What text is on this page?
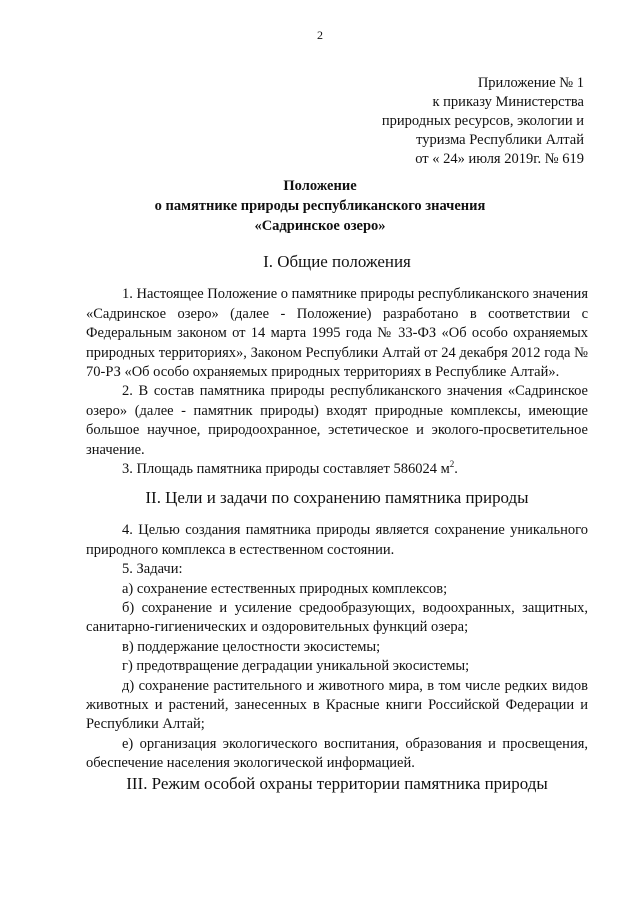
2
Приложение № 1
к приказу Министерства
природных ресурсов, экологии и
туризма Республики Алтай
от « 24» июля 2019г. № 619
Положение
о памятнике природы республиканского значения
«Садринское озеро»
I. Общие положения

1. Настоящее Положение о памятнике природы республиканского значения «Садринское озеро» (далее - Положение) разработано в соответствии с Федеральным законом от 14 марта 1995 года № 33-ФЗ «Об особо охраняемых природных территориях», Законом Республики Алтай от 24 декабря 2012 года № 70-РЗ «Об особо охраняемых природных территориях в Республике Алтай».

2. В состав памятника природы республиканского значения «Садринское озеро» (далее - памятник природы) входят природные комплексы, имеющие большое научное, природоохранное, эстетическое и эколого-просветительное значение.

3. Площадь памятника природы составляет 586024 $м^2$.

II. Цели и задачи по сохранению памятника природы

4. Целью создания памятника природы является сохранение уникального природного комплекса в естественном состоянии.

5. Задачи:

а) сохранение естественных природных комплексов;

б) сохранение и усиление средообразующих, водоохранных, защитных, санитарно-гигиенических и оздоровительных функций озера;

в) поддержание целостности экосистемы;

г) предотвращение деградации уникальной экосистемы;

д) сохранение растительного и животного мира, в том числе редких видов животных и растений, занесенных в Красные книги Российской Федерации и Республики Алтай;

е) организация экологического воспитания, образования и просвещения, обеспечение населения экологической информацией.

III. Режим особой охраны территории памятника природы
